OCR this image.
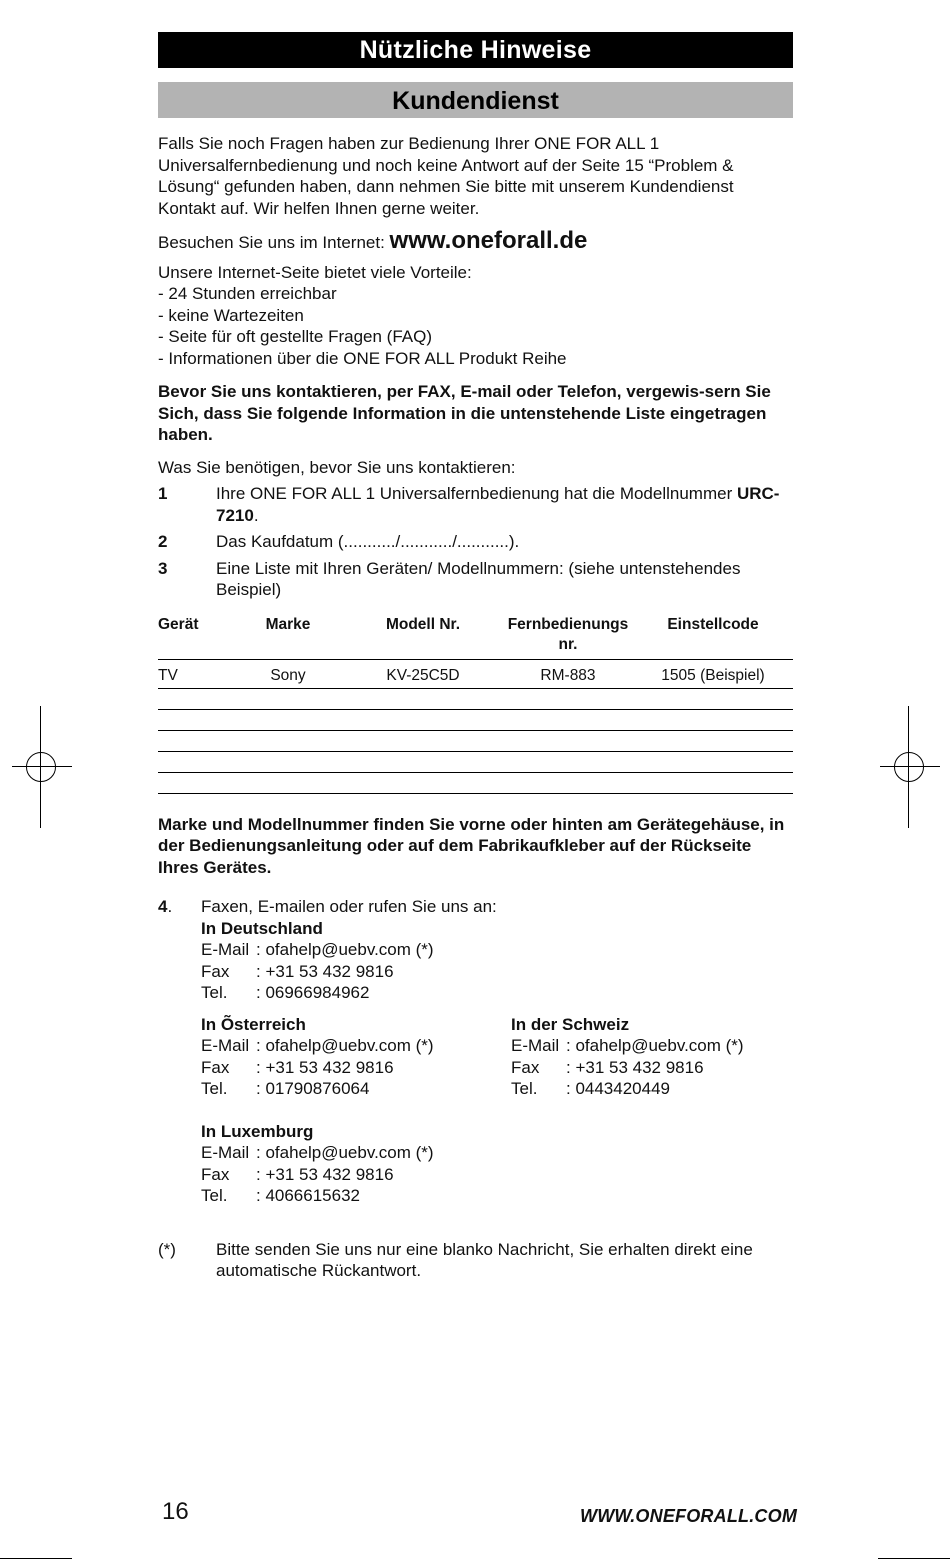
Nützliche Hinweise
Kundendienst

Falls Sie noch Fragen haben zur Bedienung Ihrer ONE FOR ALL 1 Universalfernbedienung und noch keine Antwort auf der Seite 15 “Problem & Lösung“ gefunden haben, dann nehmen Sie bitte mit unserem Kundendienst Kontakt auf. Wir helfen Ihnen gerne weiter.

Besuchen Sie uns im Internet: www.oneforall.de

Unsere Internet-Seite bietet viele Vorteile:

- 24 Stunden erreichbar

- keine Wartezeiten

- Seite für oft gestellte Fragen (FAQ)

- Informationen über die ONE FOR ALL Produkt Reihe

Bevor Sie uns kontaktieren, per FAX, E-mail oder Telefon, vergewis-sern Sie Sich, dass Sie folgende Information in die untenstehende Liste eingetragen haben.

Was Sie benötigen, bevor Sie uns kontaktieren:

1	Ihre ONE FOR ALL 1 Universalfernbedienung hat die Modellnummer URC-7210.
2	Das Kaufdatum (.........../.........../...........).
3	Eine Liste mit Ihren Geräten/ Modellnummern: (siehe untenstehendes Beispiel)
Gerät	Marke	Modell Nr.	Fernbedienungs nr.	Einstellcode
TV	Sony	KV-25C5D	RM-883	1505 (Beispiel)

Marke und Modellnummer finden Sie vorne oder hinten am Gerätegehäuse, in der Bedienungsanleitung oder auf dem Fabrikaufkleber auf der Rückseite Ihres Gerätes.

4.	Faxen, E-mailen oder rufen Sie uns an:

In Deutschland

E-Mail : ofahelp@uebv.com (*)

Fax : +31 53 432 9816

Tel. : 06966984962

In Õsterreich

E-Mail : ofahelp@uebv.com (*)

Fax : +31 53 432 9816

Tel. : 01790876064

In der Schweiz

E-Mail : ofahelp@uebv.com (*)

Fax : +31 53 432 9816

Tel. : 0443420449

In Luxemburg

E-Mail : ofahelp@uebv.com (*)

Fax : +31 53 432 9816

Tel. : 4066615632

(*)	Bitte senden Sie uns nur eine blanko Nachricht, Sie erhalten direkt eine automatische Rückantwort.

16	WWW.ONEFORALL.COM
